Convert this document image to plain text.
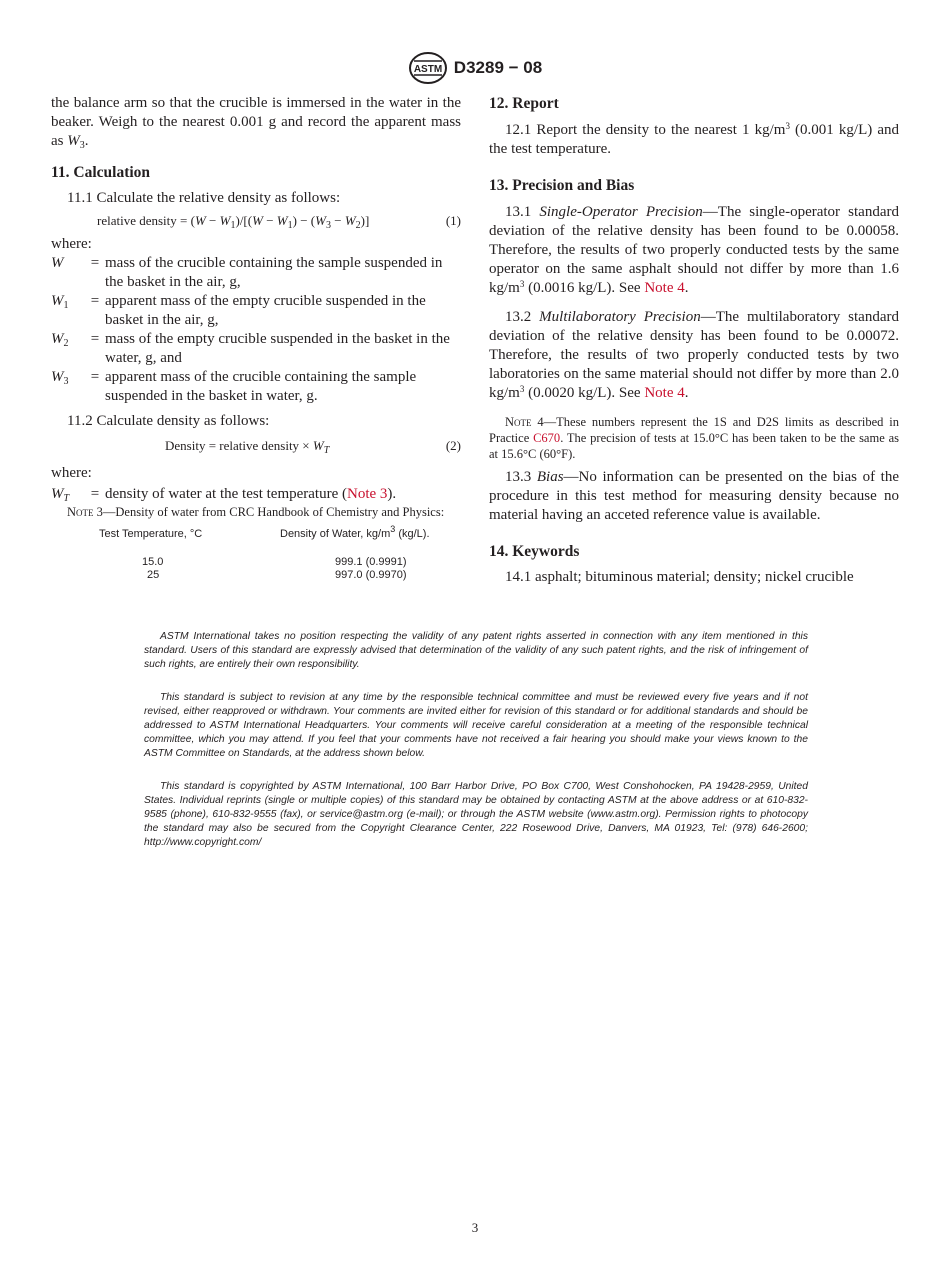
ASTM D3289 − 08

the balance arm so that the crucible is immersed in the water in the beaker. Weigh to the nearest 0.001 g and record the apparent mass as $W_3$.

11. Calculation

11.1 Calculate the relative density as follows:

relative density = $(W - W_1)/[(W - W_1) - (W_3 - W_2)]$	(1)

where:

W	= mass of the crucible containing the sample suspended in the basket in the air, g,
$W_1$	= apparent mass of the empty crucible suspended in the basket in the air, g,
$W_2$	= mass of the empty crucible suspended in the basket in the water, g, and
$W_3$	= apparent mass of the crucible containing the sample suspended in the basket in water, g.

11.2 Calculate density as follows:

Density = relative density × $W_T$	(2)

where:

$W_T$	= density of water at the test temperature (Note 3).

Note 3—Density of water from CRC Handbook of Chemistry and Physics:

Test Temperature, °C	Density of Water, $kg/m^3$ (kg/L).
15.0	999.1 (0.9991)
25	997.0 (0.9970)

12. Report

12.1 Report the density to the nearest 1 $kg/m^3$ (0.001 kg/L) and the test temperature.

13. Precision and Bias

13.1 Single-Operator Precision—The single-operator standard deviation of the relative density has been found to be 0.00058. Therefore, the results of two properly conducted tests by the same operator on the same asphalt should not differ by more than 1.6 $kg/m^3$ (0.0016 kg/L). See Note 4.

13.2 Multilaboratory Precision—The multilaboratory standard deviation of the relative density has been found to be 0.00072. Therefore, the results of two properly conducted tests by two laboratories on the same material should not differ by more than 2.0 $kg/m^3$ (0.0020 kg/L). See Note 4.

Note 4—These numbers represent the 1S and D2S limits as described in Practice C670. The precision of tests at 15.0°C has been taken to be the same as at 15.6°C (60°F).

13.3 Bias—No information can be presented on the bias of the procedure in this test method for measuring density because no material having an acceted reference value is available.

14. Keywords

14.1 asphalt; bituminous material; density; nickel crucible

ASTM International takes no position respecting the validity of any patent rights asserted in connection with any item mentioned in this standard. Users of this standard are expressly advised that determination of the validity of any such patent rights, and the risk of infringement of such rights, are entirely their own responsibility.

This standard is subject to revision at any time by the responsible technical committee and must be reviewed every five years and if not revised, either reapproved or withdrawn. Your comments are invited either for revision of this standard or for additional standards and should be addressed to ASTM International Headquarters. Your comments will receive careful consideration at a meeting of the responsible technical committee, which you may attend. If you feel that your comments have not received a fair hearing you should make your views known to the ASTM Committee on Standards, at the address shown below.

This standard is copyrighted by ASTM International, 100 Barr Harbor Drive, PO Box C700, West Conshohocken, PA 19428-2959, United States. Individual reprints (single or multiple copies) of this standard may be obtained by contacting ASTM at the above address or at 610-832-9585 (phone), 610-832-9555 (fax), or service@astm.org (e-mail); or through the ASTM website (www.astm.org). Permission rights to photocopy the standard may also be secured from the Copyright Clearance Center, 222 Rosewood Drive, Danvers, MA 01923, Tel: (978) 646-2600; http://www.copyright.com/

3
